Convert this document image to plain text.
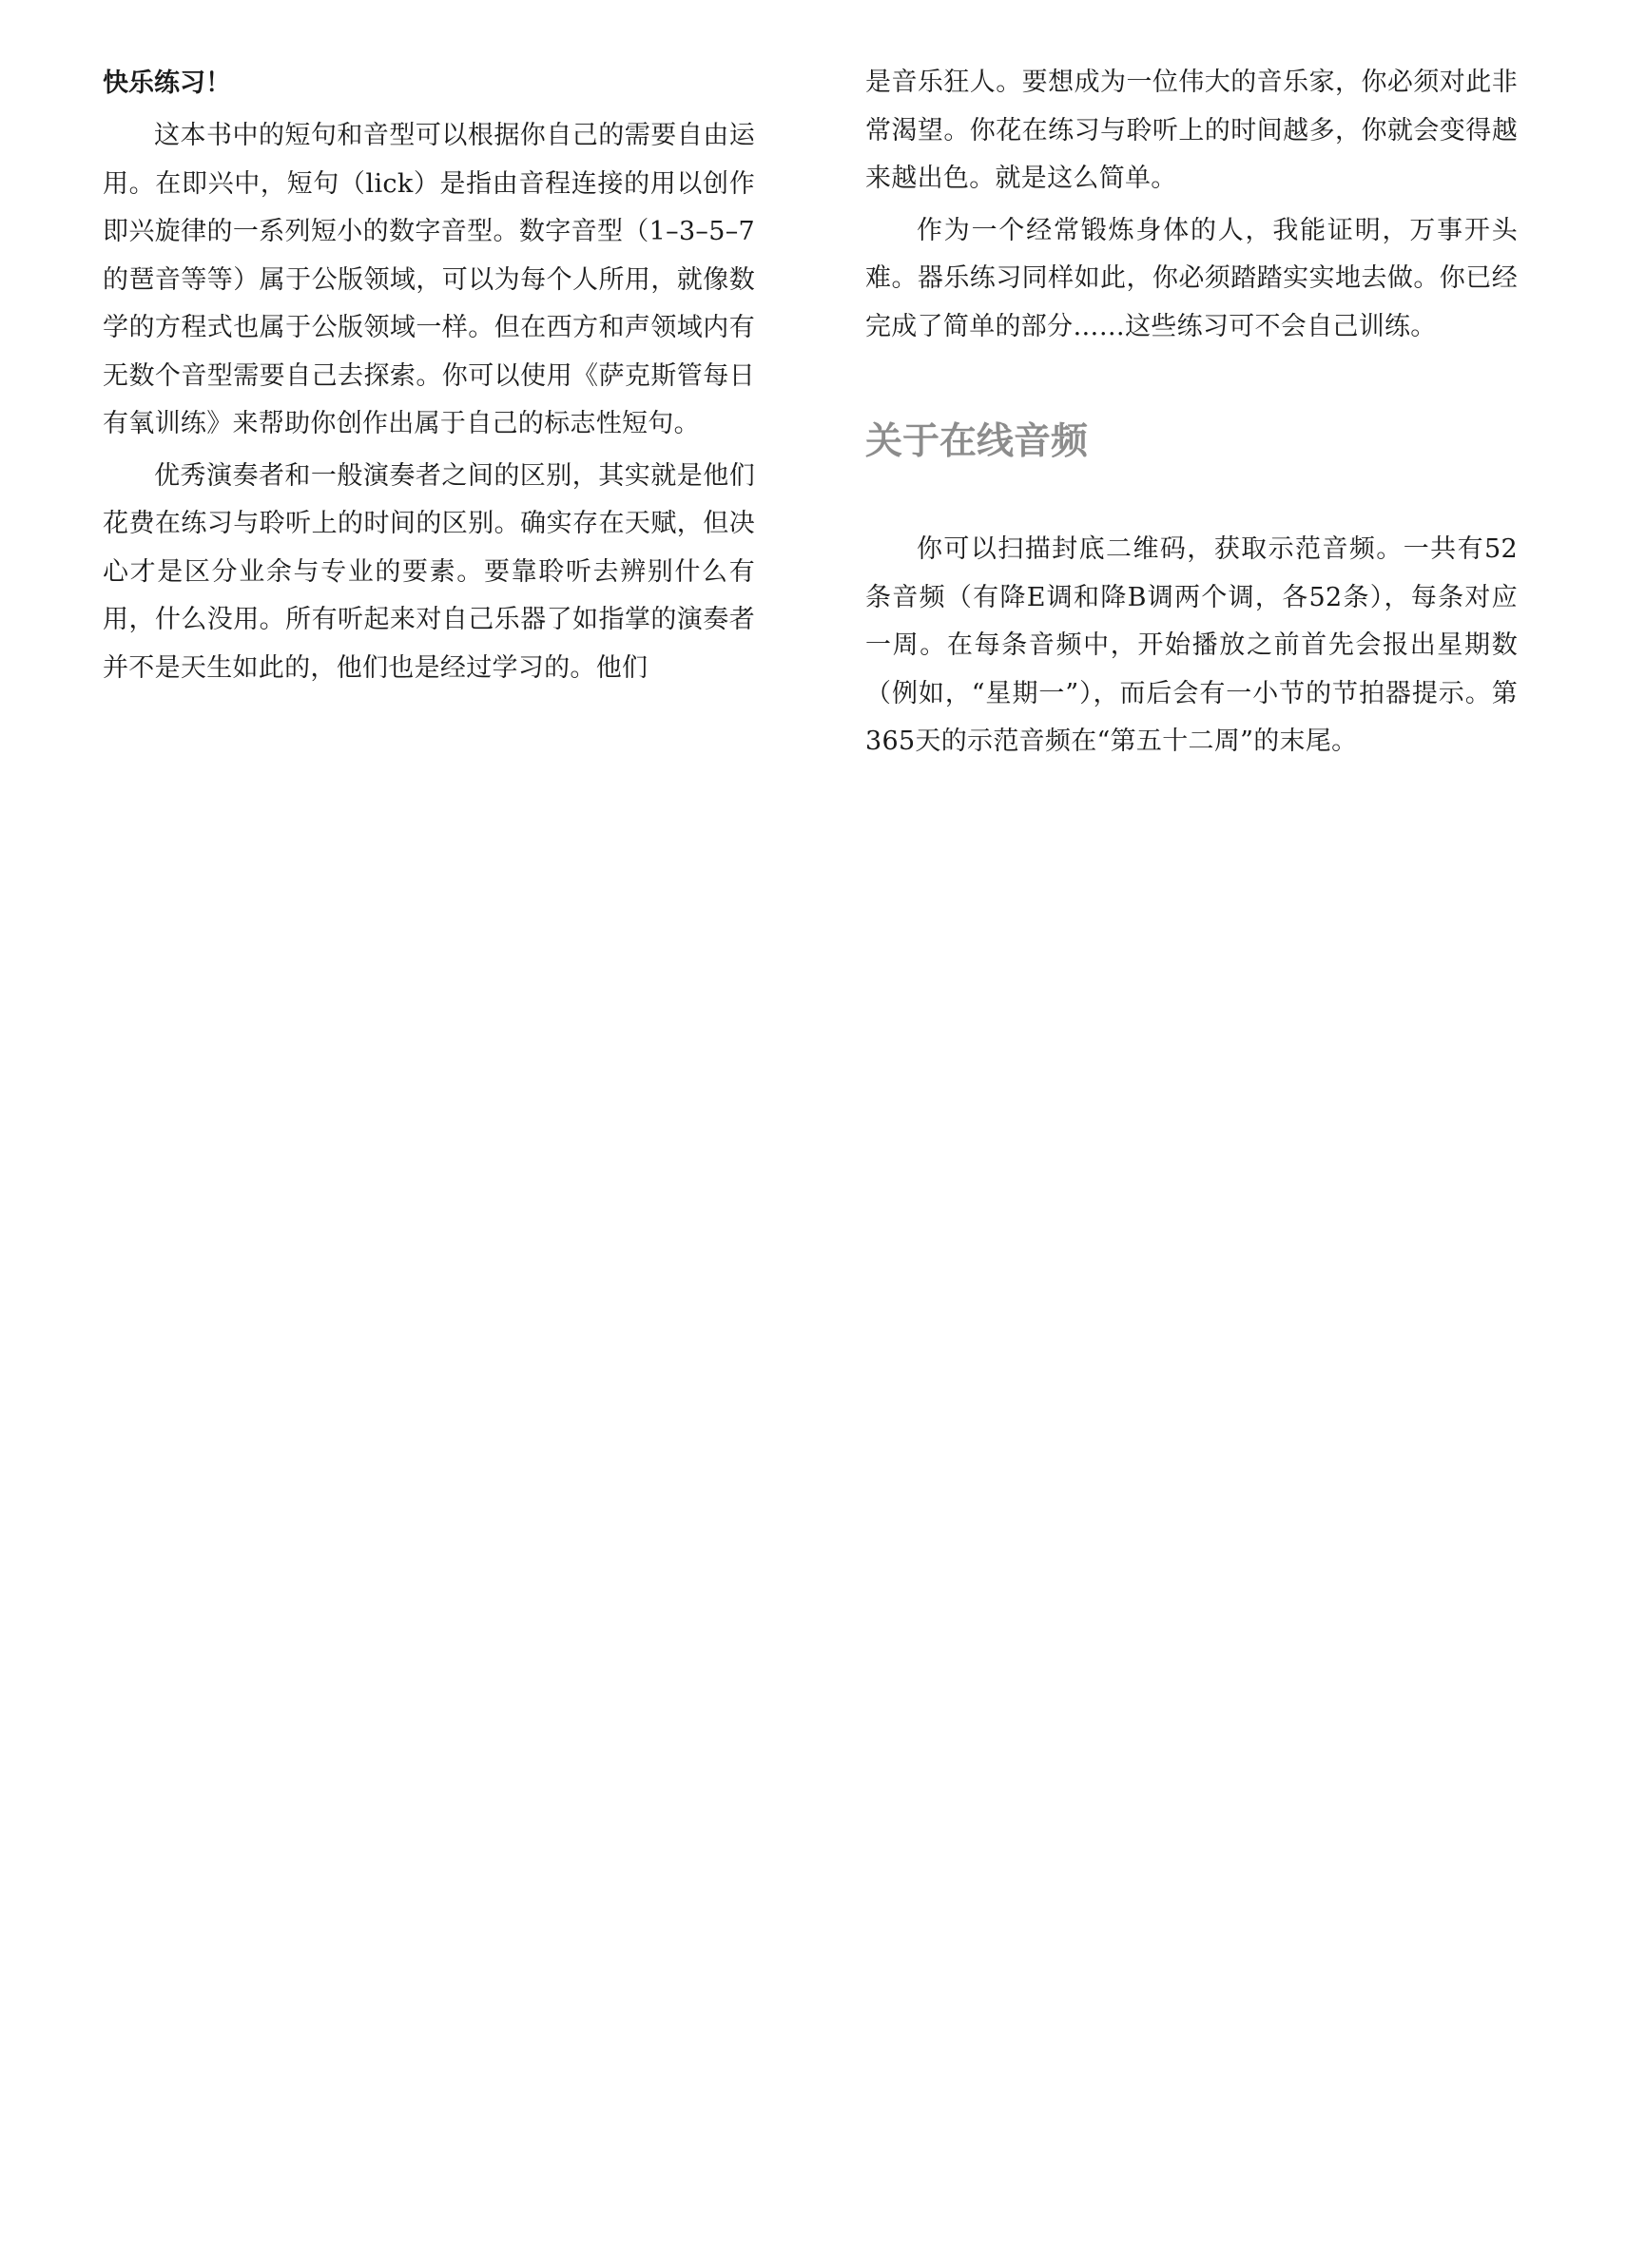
快乐练习！

这本书中的短句和音型可以根据你自己的需要自由运用。在即兴中，短句（lick）是指由音程连接的用以创作即兴旋律的一系列短小的数字音型。数字音型（1–3–5–7的琶音等等）属于公版领域，可以为每个人所用，就像数学的方程式也属于公版领域一样。但在西方和声领域内有无数个音型需要自己去探索。你可以使用《萨克斯管每日有氧训练》来帮助你创作出属于自己的标志性短句。

优秀演奏者和一般演奏者之间的区别，其实就是他们花费在练习与聆听上的时间的区别。确实存在天赋，但决心才是区分业余与专业的要素。要靠聆听去辨别什么有用，什么没用。所有听起来对自己乐器了如指掌的演奏者并不是天生如此的，他们也是经过学习的。他们

是音乐狂人。要想成为一位伟大的音乐家，你必须对此非常渴望。你花在练习与聆听上的时间越多，你就会变得越来越出色。就是这么简单。

作为一个经常锻炼身体的人，我能证明，万事开头难。器乐练习同样如此，你必须踏踏实实地去做。你已经完成了简单的部分……这些练习可不会自己训练。

关于在线音频

你可以扫描封底二维码，获取示范音频。一共有52条音频（有降E调和降B调两个调，各52条），每条对应一周。在每条音频中，开始播放之前首先会报出星期数（例如，“星期一”），而后会有一小节的节拍器提示。第365天的示范音频在“第五十二周”的末尾。
